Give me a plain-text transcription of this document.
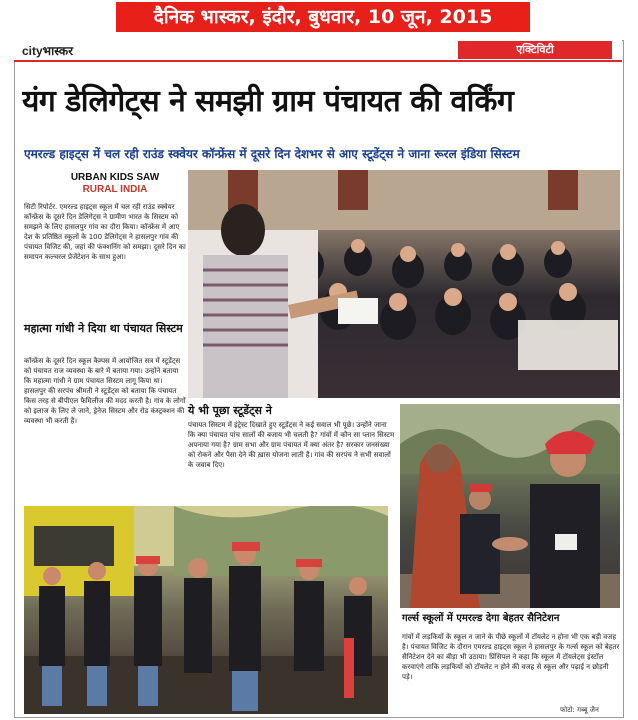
दैनिक भास्कर, इंदौर, बुधवार, 10 जून, 2015
cityभास्कर	एक्टिविटी
यंग डेलिगेट्स ने समझी ग्राम पंचायत की वर्किंग
एमरल्ड हाइट्स में चल रही राउंड स्क्वेयर कॉन्फ्रेंस में दूसरे दिन देशभर से आए स्टूडेंट्स ने जाना रूरल इंडिया सिस्टम
URBAN KIDS SAW
RURAL INDIA
सिटी रिपोर्टर. एमरल्ड हाइट्स स्कूल में चल रही राउंड स्क्वेयर कॉन्फ्रेंस के दूसरे दिन डेलिगेट्स ने ग्रामीण भारत के सिस्टम को समझने के लिए हासलपुर गांव का दौरा किया। कॉन्फ्रेंस में आए देश के प्रतिष्ठित स्कूलों के 100 डेलिगेट्स ने हासलपुर गांव की पंचायत विजिट की, जहां की फंक्शनिंग को समझा। दूसरे दिन का समापन कल्चरल प्रेजेंटेशन के साथ हुआ।
महात्मा गांधी ने दिया था पंचायत सिस्टम
कॉन्फ्रेंस के दूसरे दिन स्कूल कैम्पस में आयोजित सत्र में स्टूडेंट्स को पंचायत राज व्यवस्था के बारे में बताया गया। उन्होंने बताया कि महात्मा गांधी ने ग्राम पंचायत सिस्टम लागू किया था। हासलपुर की सरपंच श्रीमती ने स्टूडेंट्स को बताया कि पंचायत किस तरह से बीपीएल फैमिलीज की मदद करती है। गांव के लोगों को इलाज के लिए ले जाने, ड्रेनेज सिस्टम और रोड कंस्ट्रक्शन की व्यवस्था भी करती है।
ये भी पूछा स्टूडेंट्स ने
पंचायत सिस्टम में इंट्रेस्ट दिखाते हुए स्टूडेंट्स ने कई सवाल भी पूछे। उन्होंने जाना कि क्या पंचायत पांच सालों की बजाय भी चलती है? गांवों में कौन सा प्लान सिस्टम अपनाया गया है? ग्राम सभा और ग्राम पंचायत में क्या अंतर है? सरकार जनसंख्या को रोकने और पैसा देने की ख़ास योजना लाती है। गांव की सरपंच ने सभी सवालों के जवाब दिए।
गर्ल्स स्कूलों में एमरल्ड देगा बेहतर सैनिटेशन
गांवों में लड़कियों के स्कूल न जाने के पीछे स्कूलों में टॉयलेट न होना भी एक बड़ी वजह है। पंचायत विजिट के दौरान एमरल्ड हाइट्स स्कूल ने हासलपुर के गर्ल्स स्कूल को बेहतर सैनिटेशन देने का बीड़ा भी उठाया। प्रिंसिपल ने कहा कि स्कूल में टॉयलेट्स इंस्टॉल करवाएंगे ताकि लड़कियों को टॉयलेट न होने की वजह से स्कूल और पढ़ाई न छोड़नी पड़े।
फोटो: गब्बू जैन
